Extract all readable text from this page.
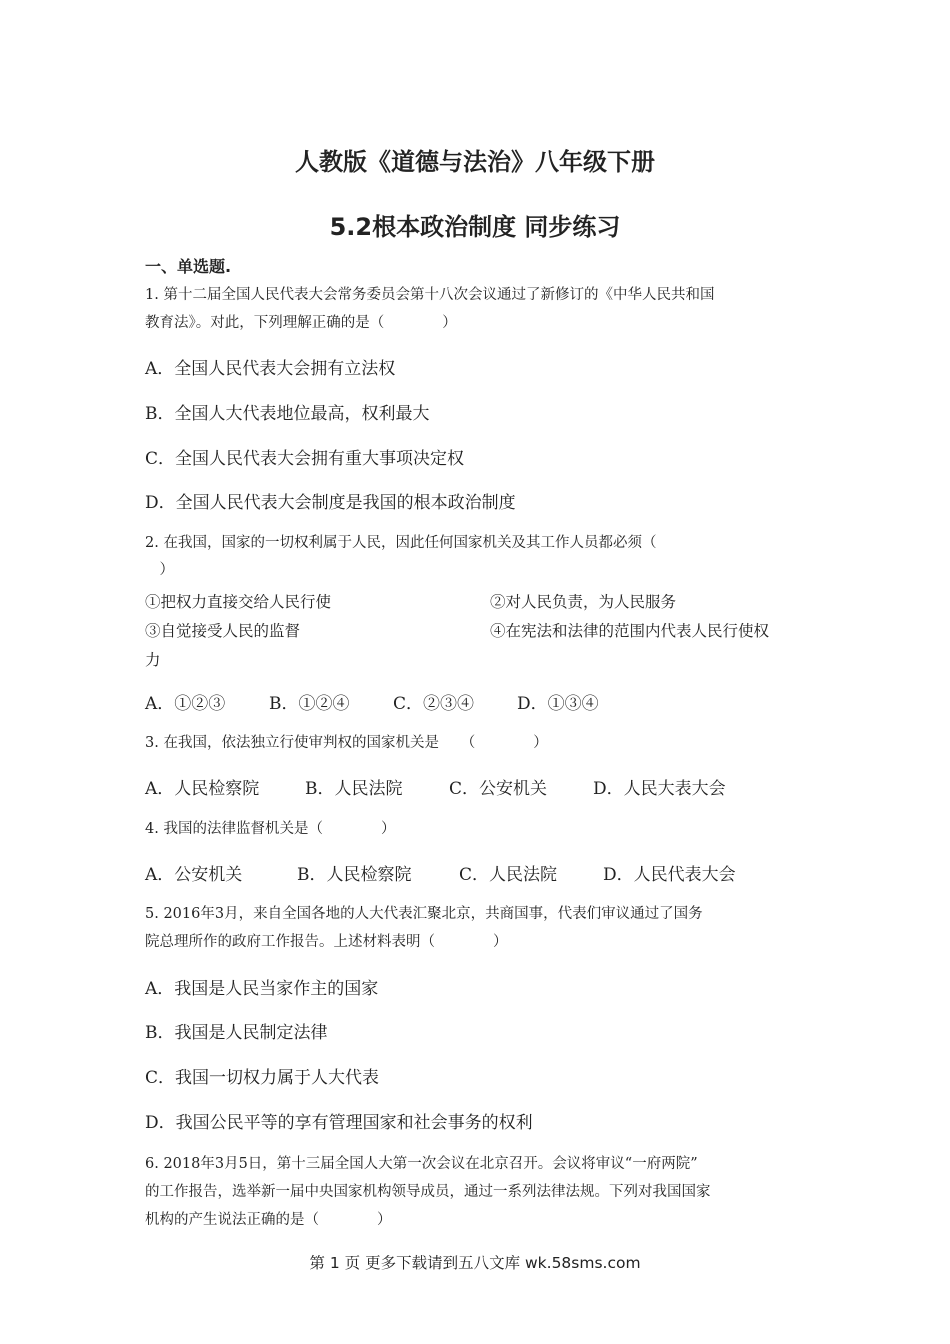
人教版《道德与法治》八年级下册
5.2根本政治制度 同步练习
一、单选题.
1. 第十二届全国人民代表大会常务委员会第十八次会议通过了新修订的《中华人民共和国
教育法》。对此，下列理解正确的是（　　　　）
A．全国人民代表大会拥有立法权
B．全国人大代表地位最高，权利最大
C．全国人民代表大会拥有重大事项决定权
D．全国人民代表大会制度是我国的根本政治制度
2. 在我国，国家的一切权利属于人民，因此任何国家机关及其工作人员都必须（
　）
①把权力直接交给人民行使	②对人民负责，为人民服务
③自觉接受人民的监督	④在宪法和法律的范围内代表人民行使权
力
A．①②③	B．①②④	C．②③④	D．①③④
3. 在我国，依法独立行使审判权的国家机关是　　（　　　　）
A．人民检察院	B．人民法院	C．公安机关	D．人民大表大会
4. 我国的法律监督机关是（　　　　）
A．公安机关	B．人民检察院	C．人民法院	D．人民代表大会
5. 2016年3月，来自全国各地的人大代表汇聚北京，共商国事，代表们审议通过了国务
院总理所作的政府工作报告。上述材料表明（　　　　）
A．我国是人民当家作主的国家
B．我国是人民制定法律
C．我国一切权力属于人大代表
D．我国公民平等的享有管理国家和社会事务的权利
6. 2018年3月5日，第十三届全国人大第一次会议在北京召开。会议将审议“一府两院”
的工作报告，选举新一届中央国家机构领导成员，通过一系列法律法规。下列对我国国家
机构的产生说法正确的是（　　　　）
第 1 页 更多下载请到五八文库 wk.58sms.com
